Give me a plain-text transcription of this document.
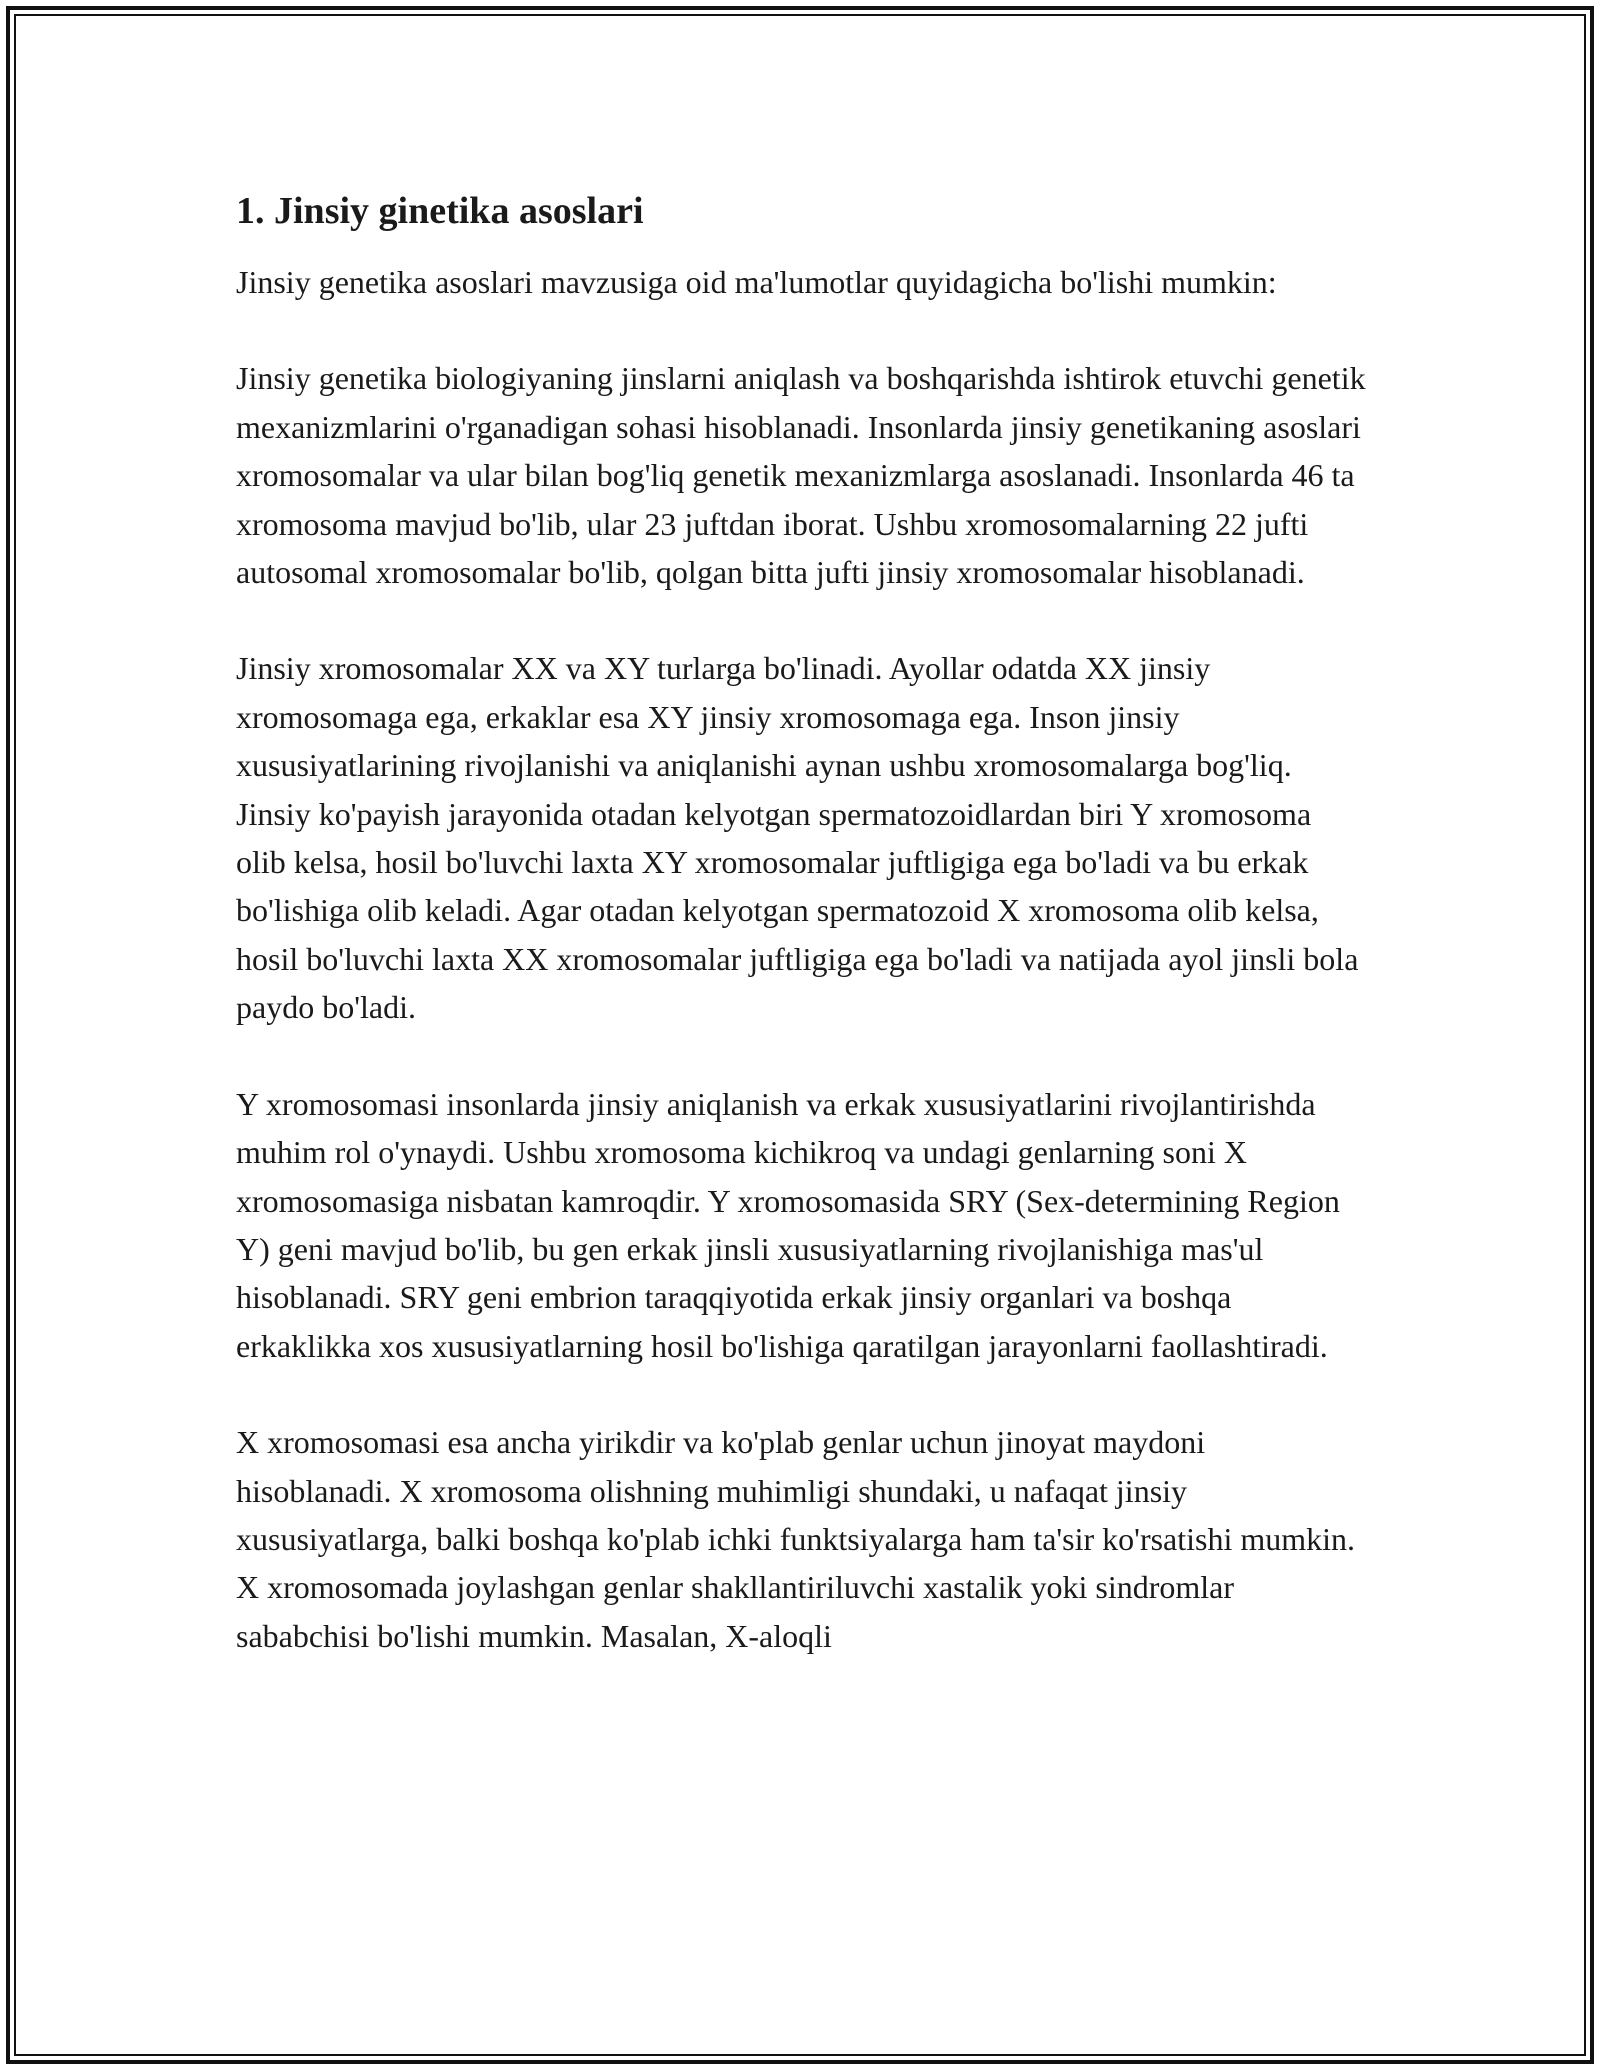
1. Jinsiy ginetika asoslari

Jinsiy genetika asoslari mavzusiga oid ma'lumotlar quyidagicha bo'lishi mumkin:

Jinsiy genetika biologiyaning jinslarni aniqlash va boshqarishda ishtirok etuvchi genetik mexanizmlarini o'rganadigan sohasi hisoblanadi. Insonlarda jinsiy genetikaning asoslari xromosomalar va ular bilan bog'liq genetik mexanizmlarga asoslanadi. Insonlarda 46 ta xromosoma mavjud bo'lib, ular 23 juftdan iborat. Ushbu xromosomalarning 22 jufti autosomal xromosomalar bo'lib, qolgan bitta jufti jinsiy xromosomalar hisoblanadi.

Jinsiy xromosomalar XX va XY turlarga bo'linadi. Ayollar odatda XX jinsiy xromosomaga ega, erkaklar esa XY jinsiy xromosomaga ega. Inson jinsiy xususiyatlarining rivojlanishi va aniqlanishi aynan ushbu xromosomalarga bog'liq. Jinsiy ko'payish jarayonida otadan kelyotgan spermatozoidlardan biri Y xromosoma olib kelsa, hosil bo'luvchi laxta XY xromosomalar juftligiga ega bo'ladi va bu erkak bo'lishiga olib keladi. Agar otadan kelyotgan spermatozoid X xromosoma olib kelsa, hosil bo'luvchi laxta XX xromosomalar juftligiga ega bo'ladi va natijada ayol jinsli bola paydo bo'ladi.

Y xromosomasi insonlarda jinsiy aniqlanish va erkak xususiyatlarini rivojlantirishda muhim rol o'ynaydi. Ushbu xromosoma kichikroq va undagi genlarning soni X xromosomasiga nisbatan kamroqdir. Y xromosomasida SRY (Sex-determining Region Y) geni mavjud bo'lib, bu gen erkak jinsli xususiyatlarning rivojlanishiga mas'ul hisoblanadi. SRY geni embrion taraqqiyotida erkak jinsiy organlari va boshqa erkaklikka xos xususiyatlarning hosil bo'lishiga qaratilgan jarayonlarni faollashtiradi.

X xromosomasi esa ancha yirikdir va ko'plab genlar uchun jinoyat maydoni hisoblanadi. X xromosoma olishning muhimligi shundaki, u nafaqat jinsiy xususiyatlarga, balki boshqa ko'plab ichki funktsiyalarga ham ta'sir ko'rsatishi mumkin. X xromosomada joylashgan genlar shakllantiriluvchi xastalik yoki sindromlar sababchisi bo'lishi mumkin. Masalan, X-aloqli
